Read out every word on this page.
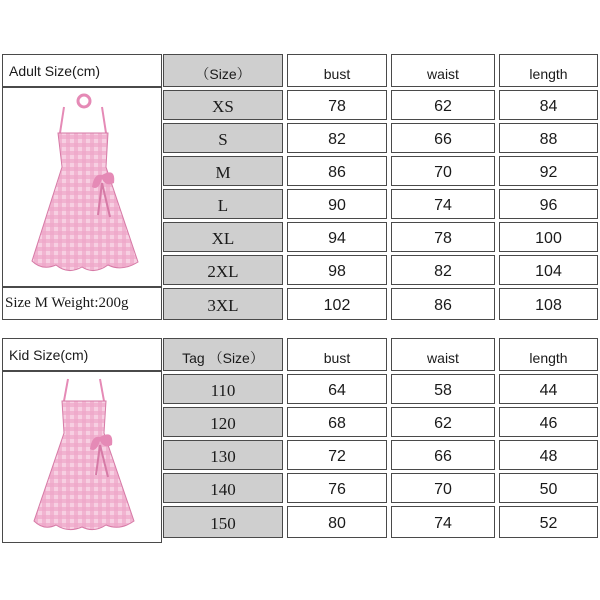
Adult Size(cm)
Size M Weight:200g
（Size）	bust	waist	length
XS	78	62	84
S	82	66	88
M	86	70	92
L	90	74	96
XL	94	78	100
2XL	98	82	104
3XL	102	86	108
Kid Size(cm)	Tag （Size）	bust	waist	length
110	64	58	44
120	68	62	46
130	72	66	48
140	76	70	50
150	80	74	52
